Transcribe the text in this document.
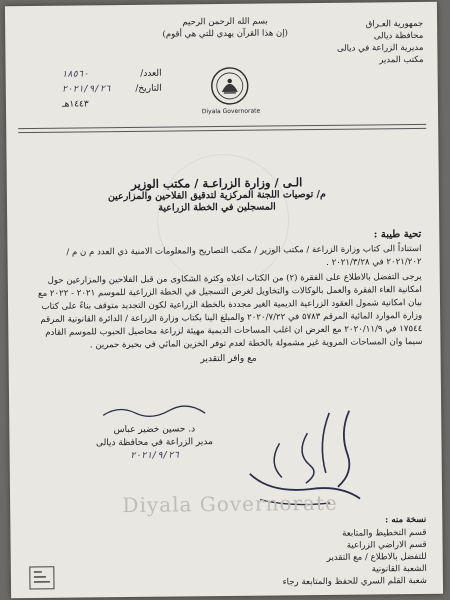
جمهورية العـراق
محافظة ديالى
مديرية الزراعة في ديالى
مكتب المدير
بسم الله الرحمن الرحيم
(إن هذا القرآن يهدي للتي هي أقوم)
Diyala Governorate
العدد/
١٨٥٦٠
التاريخ/
٢٠٢١/٩/٢٦
١٤٤٣هـ
الـى / وزارة الزراعـة / مكتب الوزير
م/ توصيات اللجنة المركزية لتدقيق الفلاحين والمزارعين
المسجلين في الخطة الزراعية
تحية طيبة :

استناداً الى كتاب وزارة الزراعة / مكتب الوزير / مكتب التصاريح والمعلومات الامنية ذي العدد م ن م / ٢٠٢١/٢٠٢ في ٢٠٢١/٣/٢٨ .

يرجى التفضل بالاطلاع على الفقرة (٢) من الكتاب اعلاه وكثرة الشكاوى من قبل الفلاحين والمزارعين حول امكانية الغاء الفقرة والعمل بالوكالات والتخاويل لغرض التسجيل في الخطة الزراعية للموسم ٢٠٢١ - ٢٠٢٢ مع بيان امكانية شمول العقود الزراعية الديمية الغير مجددة بالخطة الزراعية لكون التجديد متوقف بناءً على كتاب وزارة الموارد المائية المرقم ٥٧٨٣ في ٢٠٢٠/٧/٢٢ والمبلغ الينا بكتاب وزارة الزراعة / الدائرة القانونية المرقم ١٧٥٤٤ في ٢٠٢٠/١١/٩ مع العرض ان اغلب المساحات الديمية مهيئة لزراعة محاصيل الحبوب للموسم القادم سيما وان المساحات المروية غير مشمولة بالخطة لعدم توفر الخزين المائي في بحيرة حمرين .

مع وافر التقدير
د. حسين خضير عباس
مدير الزراعة في محافظة ديالى
٢٠٢١/٩/٢٦
Diyala Governorate
نسخة منه :
قسم التخطيط والمتابعة
قسم الاراضي الزراعية
للتفضل بالاطلاع / مع التقدير
الشعبة القانونية
شعبة القلم السري للحفظ والمتابعة رجاء
